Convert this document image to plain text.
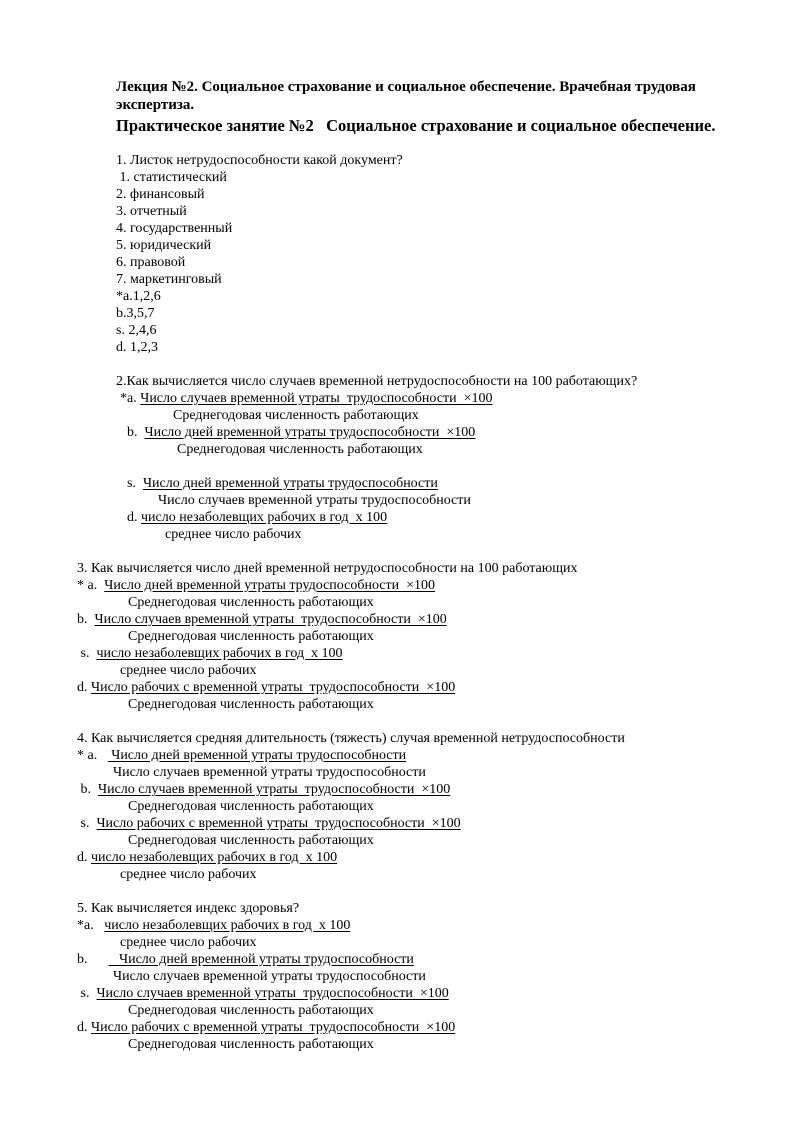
Лекция №2. Социальное страхование и социальное обеспечение. Врачебная трудовая
экспертиза.
Практическое занятие №2   Социальное страхование и социальное обеспечение.
1. Листок нетрудоспособности какой документ?
1. статистический
2. финансовый
3. отчетный
4. государственный
5. юридический
6. правовой
7. маркетинговый
*a.1,2,6
b.3,5,7
s. 2,4,6
d. 1,2,3
2.Как вычисляется число случаев временной нетрудоспособности на 100 работающих?
*a. Число случаев временной утраты  трудоспособности  ×100
Среднегодовая численность работающих
b.  Число дней временной утраты трудоспособности  ×100
Среднегодовая численность работающих
s.  Число дней временной утраты трудоспособности
Число случаев временной утраты трудоспособности
d. число незаболевщих рабочих в год  х 100
среднее число рабочих
3. Как вычисляется число дней временной нетрудоспособности на 100 работающих
* a.  Число дней временной утраты трудоспособности  ×100
Среднегодовая численность работающих
b.  Число случаев временной утраты  трудоспособности  ×100
Среднегодовая численность работающих
s.  число незаболевщих рабочих в год  х 100
среднее число рабочих
d. Число рабочих с временной утраты  трудоспособности  ×100
Среднегодовая численность работающих
4. Как вычисляется средняя длительность (тяжесть) случая временной нетрудоспособности
* a.    Число дней временной утраты трудоспособности
Число случаев временной утраты трудоспособности
b.  Число случаев временной утраты  трудоспособности  ×100
Среднегодовая численность работающих
s.  Число рабочих с временной утраты  трудоспособности  ×100
Среднегодовая численность работающих
d. число незаболевщих рабочих в год  х 100
среднее число рабочих
5. Как вычисляется индекс здоровья?
*a.   число незаболевщих рабочих в год  х 100
среднее число рабочих
b.         Число дней временной утраты трудоспособности
Число случаев временной утраты трудоспособности
s.  Число случаев временной утраты  трудоспособности  ×100
Среднегодовая численность работающих
d. Число рабочих с временной утраты  трудоспособности  ×100
Среднегодовая численность работающих
